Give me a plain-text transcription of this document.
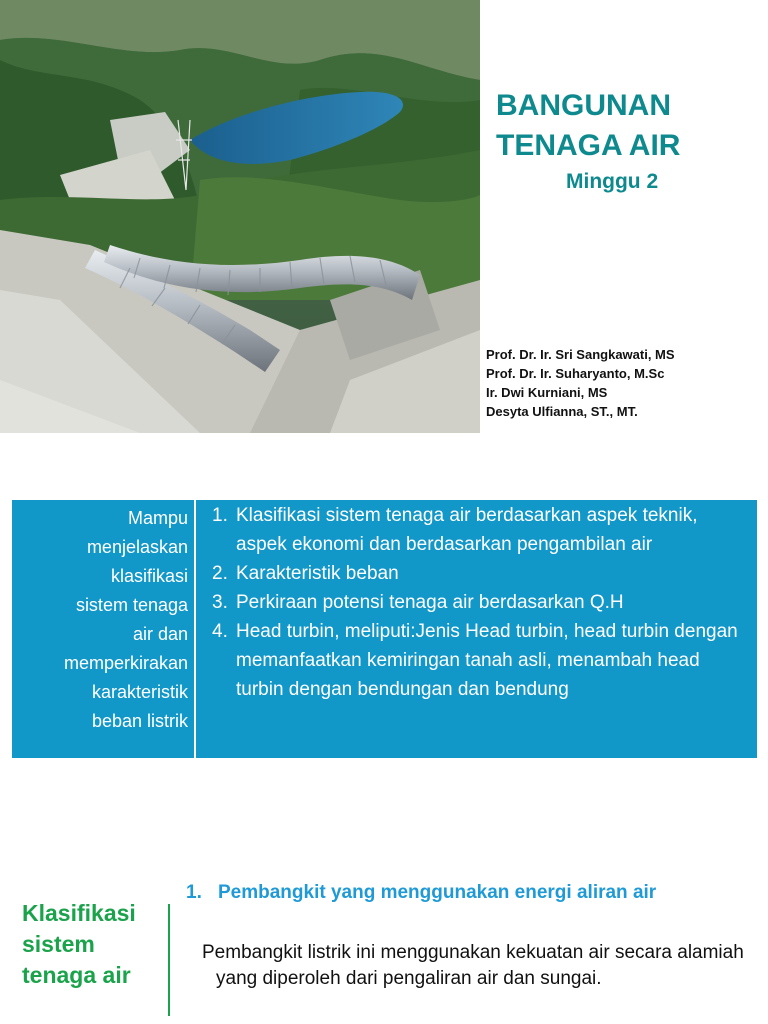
BANGUNAN
TENAGA AIR
Minggu 2
Prof. Dr. Ir. Sri Sangkawati, MS
Prof. Dr. Ir. Suharyanto, M.Sc
Ir. Dwi Kurniani, MS
Desyta Ulfianna, ST., MT.
Mampu
menjelaskan
klasifikasi
sistem tenaga
air dan
memperkirakan
karakteristik
beban listrik
1. Klasifikasi sistem tenaga air berdasarkan aspek teknik, aspek ekonomi dan berdasarkan pengambilan air
2. Karakteristik beban
3. Perkiraan potensi tenaga air berdasarkan Q.H
4. Head turbin, meliputi:Jenis Head turbin, head turbin dengan memanfaatkan kemiringan tanah asli, menambah head turbin dengan bendungan dan bendung
Klasifikasi
sistem
tenaga air
1. Pembangkit yang menggunakan energi aliran air

Pembangkit listrik ini menggunakan kekuatan air secara alamiah yang diperoleh dari pengaliran air dan sungai.
